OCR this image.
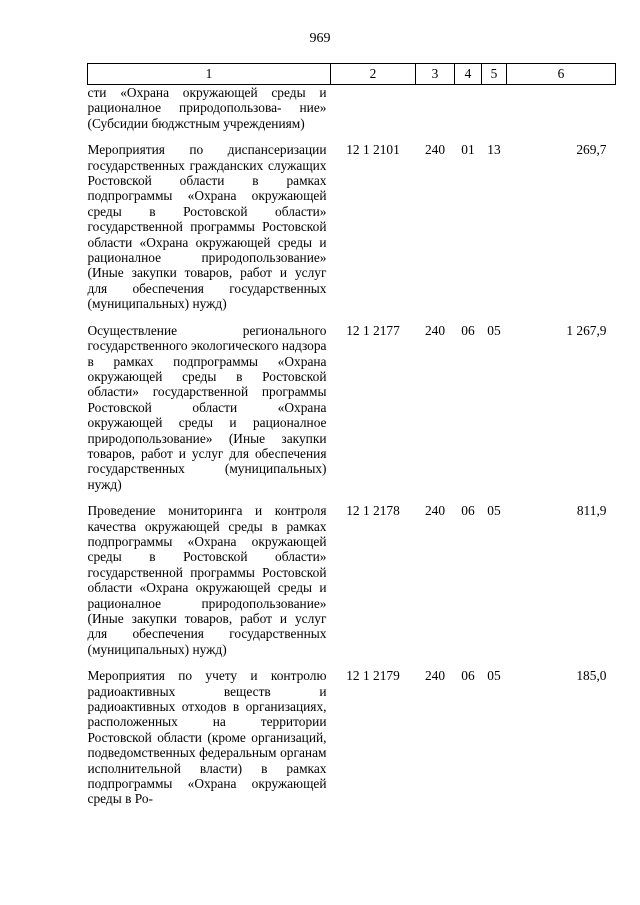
969
1	2	3	4	5	6
сти «Охрана окружающей среды и рационалное природопользова- ние» (Субсидии бюджстным учреждениям)					
Мероприятия по диспансеризации государственных гражданских служащих Ростовской области в рамках подпрограммы «Охрана окружающей среды в Ростовской области» государственной программы Ростовской области «Охрана окружающей среды и рационалное природопользование» (Иные закупки товаров, работ и услуг для обеспечения государственных (муниципальных) нужд)	12 1 2101	240	01	13	269,7
Осуществление регионального государственного экологического надзора в рамках подпрограммы «Охрана окружающей среды в Ростовской области» государственной программы Ростовской области «Охрана окружающей среды и рационалное природопользование» (Иные закупки товаров, работ и услуг для обеспечения государственных (муниципальных) нужд)	12 1 2177	240	06	05	1 267,9
Проведение мониторинга и контроля качества окружающей среды в рамках подпрограммы «Охрана окружающей среды в Ростовской области» государственной программы Ростовской области «Охрана окружающей среды и рационалное природопользование» (Иные закупки товаров, работ и услуг для обеспечения государственных (муниципальных) нужд)	12 1 2178	240	06	05	811,9
Мероприятия по учету и контролю радиоактивных веществ и радиоактивных отходов в организациях, расположенных на территории Ростовской области (кроме организаций, подведомственных федеральным органам исполнительной власти) в рамках подпрограммы «Охрана окружающей среды в Ро-	12 1 2179	240	06	05	185,0
